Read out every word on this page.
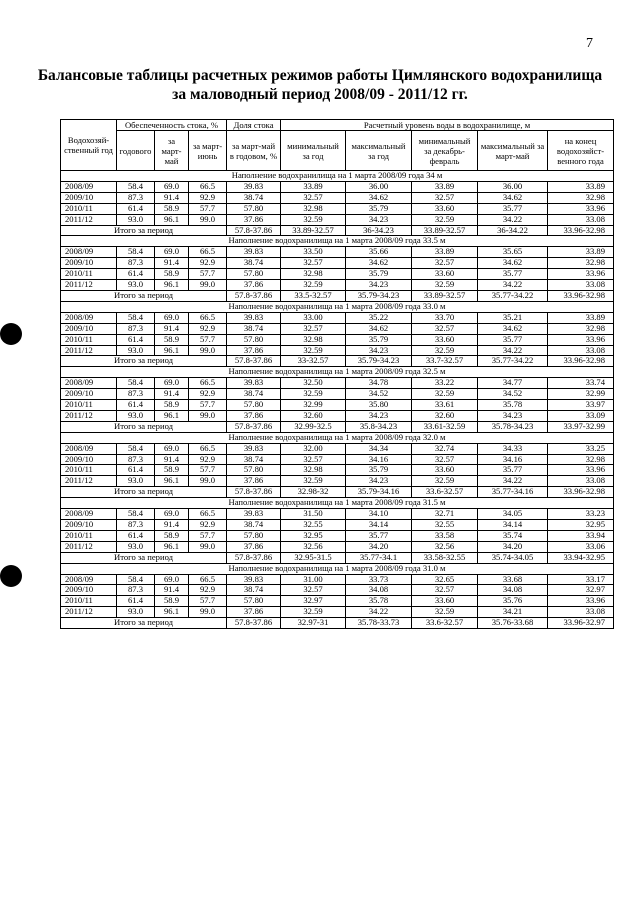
7
Балансовые таблицы расчетных режимов работы Цимлянского водохранилища
за маловодный период 2008/09 - 2011/12 гг.
Водохозяй-ственный год	Обеспеченность стока, %			Доля стока	Расчетный уровень воды в водохранилище, м				
	годового	за март-май	за март-июнь	за март-май в годовом, %	минимальный за год	максимальный за год	минимальный за декабрь-февраль	максимальный за март-май	на конец водохозяйст-венного года
Наполнение водохранилища на 1 марта 2008/09 года 34 м									
2008/09	58.4	69.0	66.5	39.83	33.89	36.00	33.89	36.00	33.89
2009/10	87.3	91.4	92.9	38.74	32.57	34.62	32.57	34.62	32.98
2010/11	61.4	58.9	57.7	57.80	32.98	35.79	33.60	35.77	33.96
2011/12	93.0	96.1	99.0	37.86	32.59	34.23	32.59	34.22	33.08
Итого за период				57.8-37.86	33.89-32.57	36-34.23	33.89-32.57	36-34.22	33.96-32.98
Наполнение водохранилища на 1 марта 2008/09 года 33.5 м									
2008/09	58.4	69.0	66.5	39.83	33.50	35.66	33.89	35.65	33.89
2009/10	87.3	91.4	92.9	38.74	32.57	34.62	32.57	34.62	32.98
2010/11	61.4	58.9	57.7	57.80	32.98	35.79	33.60	35.77	33.96
2011/12	93.0	96.1	99.0	37.86	32.59	34.23	32.59	34.22	33.08
Итого за период				57.8-37.86	33.5-32.57	35.79-34.23	33.89-32.57	35.77-34.22	33.96-32.98
Наполнение водохранилища на 1 марта 2008/09 года 33.0 м									
2008/09	58.4	69.0	66.5	39.83	33.00	35.22	33.70	35.21	33.89
2009/10	87.3	91.4	92.9	38.74	32.57	34.62	32.57	34.62	32.98
2010/11	61.4	58.9	57.7	57.80	32.98	35.79	33.60	35.77	33.96
2011/12	93.0	96.1	99.0	37.86	32.59	34.23	32.59	34.22	33.08
Итого за период				57.8-37.86	33-32.57	35.79-34.23	33.7-32.57	35.77-34.22	33.96-32.98
Наполнение водохранилища на 1 марта 2008/09 года 32.5 м									
2008/09	58.4	69.0	66.5	39.83	32.50	34.78	33.22	34.77	33.74
2009/10	87.3	91.4	92.9	38.74	32.59	34.52	32.59	34.52	32.99
2010/11	61.4	58.9	57.7	57.80	32.99	35.80	33.61	35.78	33.97
2011/12	93.0	96.1	99.0	37.86	32.60	34.23	32.60	34.23	33.09
Итого за период				57.8-37.86	32.99-32.5	35.8-34.23	33.61-32.59	35.78-34.23	33.97-32.99
Наполнение водохранилища на 1 марта 2008/09 года 32.0 м									
2008/09	58.4	69.0	66.5	39.83	32.00	34.34	32.74	34.33	33.25
2009/10	87.3	91.4	92.9	38.74	32.57	34.16	32.57	34.16	32.98
2010/11	61.4	58.9	57.7	57.80	32.98	35.79	33.60	35.77	33.96
2011/12	93.0	96.1	99.0	37.86	32.59	34.23	32.59	34.22	33.08
Итого за период				57.8-37.86	32.98-32	35.79-34.16	33.6-32.57	35.77-34.16	33.96-32.98
Наполнение водохранилища на 1 марта 2008/09 года 31.5 м									
2008/09	58.4	69.0	66.5	39.83	31.50	34.10	32.71	34.05	33.23
2009/10	87.3	91.4	92.9	38.74	32.55	34.14	32.55	34.14	32.95
2010/11	61.4	58.9	57.7	57.80	32.95	35.77	33.58	35.74	33.94
2011/12	93.0	96.1	99.0	37.86	32.56	34.20	32.56	34.20	33.06
Итого за период				57.8-37.86	32.95-31.5	35.77-34.1	33.58-32.55	35.74-34.05	33.94-32.95
Наполнение водохранилища на 1 марта 2008/09 года 31.0 м									
2008/09	58.4	69.0	66.5	39.83	31.00	33.73	32.65	33.68	33.17
2009/10	87.3	91.4	92.9	38.74	32.57	34.08	32.57	34.08	32.97
2010/11	61.4	58.9	57.7	57.80	32.97	35.78	33.60	35.76	33.96
2011/12	93.0	96.1	99.0	37.86	32.59	34.22	32.59	34.21	33.08
Итого за период				57.8-37.86	32.97-31	35.78-33.73	33.6-32.57	35.76-33.68	33.96-32.97
